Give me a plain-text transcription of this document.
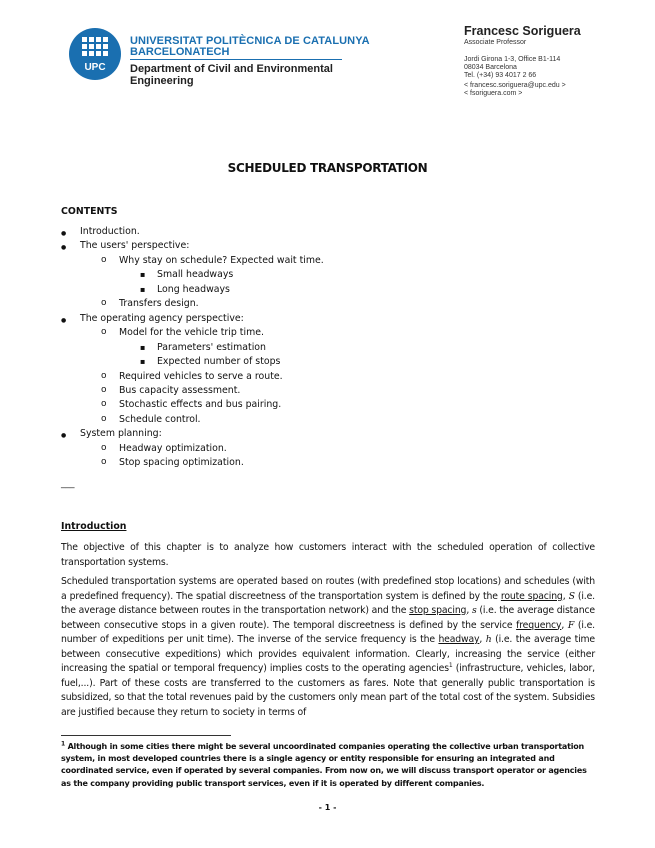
UPC
UNIVERSITAT POLITÈCNICA DE CATALUNYA
BARCELONATECH
Department of Civil and Environmental
Engineering
Francesc Soriguera
Associate Professor
Jordi Girona 1-3, Office B1-114
08034 Barcelona
Tel. (+34) 93 4017 2 66
< francesc.soriguera@upc.edu >
< fsoriguera.com >
SCHEDULED TRANSPORTATION
CONTENTS
● Introduction.
● The users' perspective:
o Why stay on schedule? Expected wait time.
▪ Small headways
▪ Long headways
o Transfers design.
● The operating agency perspective:
o Model for the vehicle trip time.
▪ Parameters' estimation
▪ Expected number of stops
o Required vehicles to serve a route.
o Bus capacity assessment.
o Stochastic effects and bus pairing.
o Schedule control.
● System planning:
o Headway optimization.
o Stop spacing optimization.
___
Introduction
The objective of this chapter is to analyze how customers interact with the scheduled operation of collective transportation systems.
Scheduled transportation systems are operated based on routes (with predefined stop locations) and schedules (with a predefined frequency). The spatial discreetness of the transportation system is defined by the route spacing, S (i.e. the average distance between routes in the transportation network) and the stop spacing, s (i.e. the average distance between consecutive stops in a given route). The temporal discreetness is defined by the service frequency, F (i.e. number of expeditions per unit time). The inverse of the service frequency is the headway, h (i.e. the average time between consecutive expeditions) which provides equivalent information. Clearly, increasing the service (either increasing the spatial or temporal frequency) implies costs to the operating agencies$^1$ (infrastructure, vehicles, labor, fuel,...). Part of these costs are transferred to the customers as fares. Note that generally public transportation is subsidized, so that the total revenues paid by the customers only mean part of the total cost of the system. Subsidies are justified because they return to society in terms of
$^1$ Although in some cities there might be several uncoordinated companies operating the collective urban transportation system, in most developed countries there is a single agency or entity responsible for ensuring an integrated and coordinated service, even if operated by several companies. From now on, we will discuss transport operator or agencies as the company providing public transport services, even if it is operated by different companies.
- 1 -
